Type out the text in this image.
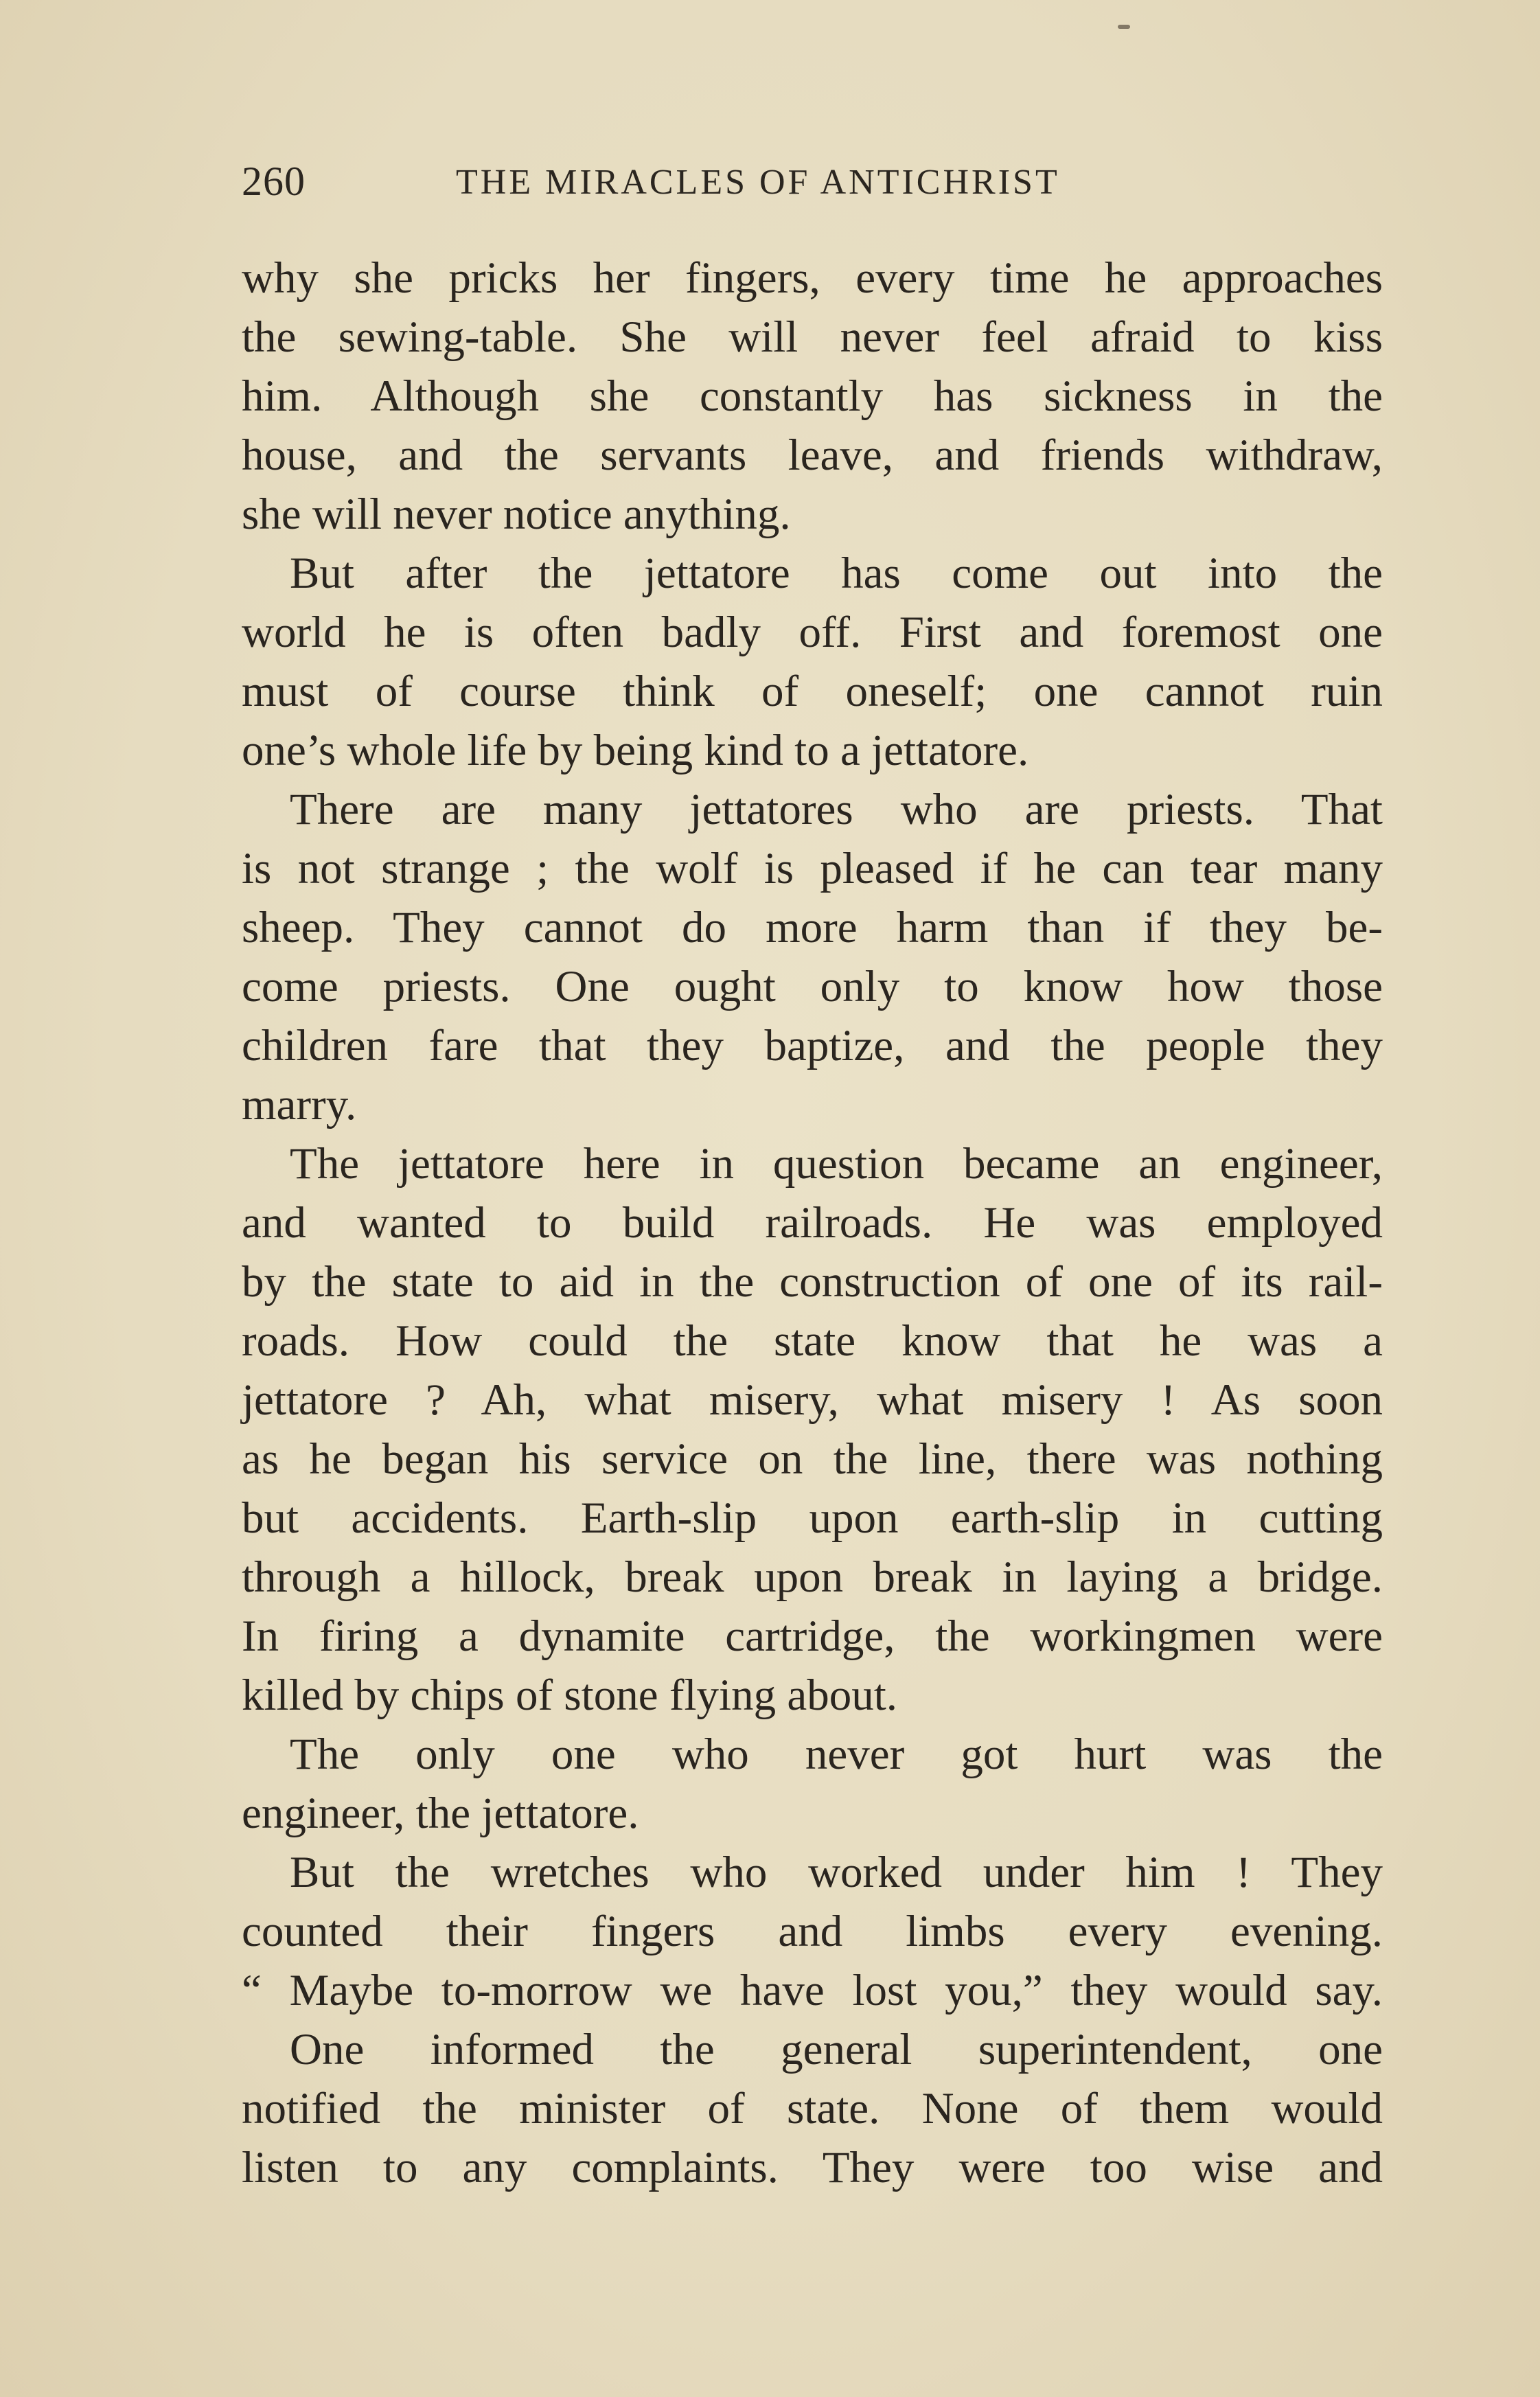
260	THE MIRACLES OF ANTICHRIST
why she pricks her fingers, every time he approaches
the sewing-table. She will never feel afraid to kiss
him. Although she constantly has sickness in the
house, and the servants leave, and friends withdraw,
she will never notice anything.
But after the jettatore has come out into the
world he is often badly off. First and foremost one
must of course think of oneself; one cannot ruin
one’s whole life by being kind to a jettatore.
There are many jettatores who are priests. That
is not strange ; the wolf is pleased if he can tear many
sheep. They cannot do more harm than if they be-
come priests. One ought only to know how those
children fare that they baptize, and the people they
marry.
The jettatore here in question became an engineer,
and wanted to build railroads. He was employed
by the state to aid in the construction of one of its rail-
roads. How could the state know that he was a
jettatore ? Ah, what misery, what misery ! As soon
as he began his service on the line, there was nothing
but accidents. Earth-slip upon earth-slip in cutting
through a hillock, break upon break in laying a bridge.
In firing a dynamite cartridge, the workingmen were
killed by chips of stone flying about.
The only one who never got hurt was the
engineer, the jettatore.
But the wretches who worked under him ! They
counted their fingers and limbs every evening.
“ Maybe to-morrow we have lost you,” they would say.
One informed the general superintendent, one
notified the minister of state. None of them would
listen to any complaints. They were too wise and
